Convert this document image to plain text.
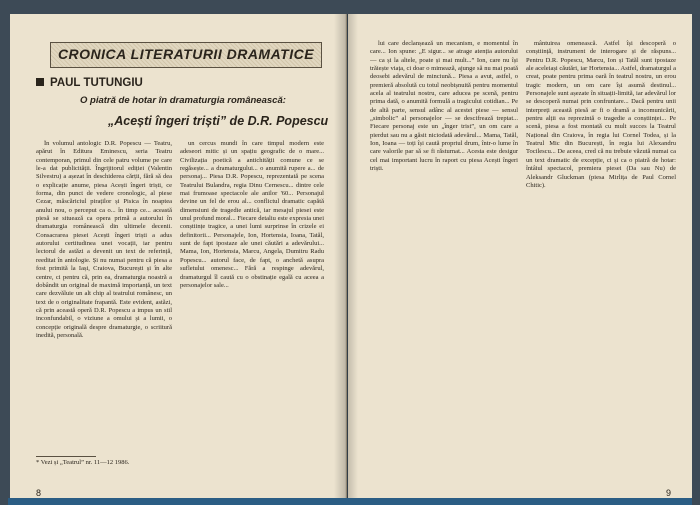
CRONICA LITERATURII DRAMATICE
PAUL TUTUNGIU
O piatră de hotar în dramaturgia românească:
„Acești îngeri triști” de D.R. Popescu

În volumul antologic D.R. Popescu — Teatru, apărut în Editura Eminescu, seria Teatru contemporan, primul din cele patru volume pe care le-a dat publicității. Îngrijitorul ediției (Valentin Silvestru) a așezat în deschiderea cărții, fără să dea o explicație anume, piesa Acești îngeri triști, ce forma, din punct de vedere cronologic, al piese Cezar, măscăriciul piraților și Pisica în noaptea anului nou, o perceput ca o... în timp ce... această piesă se situează ca opera primă a autorului în dramaturgia românească din ultimele decenii. Consacrarea piesei Acești îngeri triști a adus autorului certitudinea unei vocații, iar pentru lectorul de astăzi a devenit un text de referință, reeditat în antologie. Și nu numai pentru că piesa a fost primită la Iași, Craiova, București și în alte centre, ci pentru că, prin ea, dramaturgia noastră a dobândit un original de maximă importanță, un text care dezvăluie un alt chip al teatrului românesc, un text de o originalitate frapantă. Este evident, astăzi, că prin această operă D.R. Popescu a impus un stil inconfundabil, o viziune a omului și a lumii, o concepție originală despre dramaturgie, o scriitură inedită, personală.

un cercus mundi în care timpul modern este adeseori mitic și un spațiu geografic de o mare... Civilizația poetică a antichității comune ce se regăsește... a dramaturgului... o anumită rupere a... de personaj... Piesa D.R. Popescu, reprezentată pe scena Teatrului Bulandra, regia Dinu Cernescu... dintre cele mai frumoase spectacole ale anilor '60... Personajul devine un fel de erou al... conflictul dramatic capătă dimensiuni de tragedie antică, iar mesajul piesei este unul profund moral... Fiecare detaliu este expresia unei conștiințe tragice, a unei lumi surprinse în crizele ei definitorii... Personajele, Ion, Hortensia, Ioana, Tatăl, sunt de fapt ipostaze ale unei căutări a adevărului... Mama, Ion, Hortensia, Marcu, Angela, Dumitru Radu Popescu... autorul face, de fapt, o anchetă asupra sufletului omenesc... Fără a respinge adevărul, dramaturgul îl caută cu o obstinație egală cu aceea a personajelor sale...

* Vezi și „Teatrul” nr. 11—12 1986.
8

lui care declanșează un mecanism, e momentul în care... Ion spune: „E sigur... se atrage atenția autorului — ca și la altele, poate și mai mult...” Ion, care nu își trăiește viața, ci doar o mimează, ajunge să nu mai poată deosebi adevărul de minciună... Piesa a avut, astfel, o premieră absolută cu totul neobișnuită pentru momentul acela al teatrului nostru, care aducea pe scenă, pentru prima dată, o anumită formulă a tragicului cotidian... Pe de altă parte, sensul adânc al acestei piese — sensul „simbolic” al personajelor — se descifrează treptat... Fiecare personaj este un „înger trist”, un om care a pierdut sau nu a găsit niciodată adevărul... Mama, Tatăl, Ion, Ioana — toți își caută propriul drum, într-o lume în care valorile par să se fi răsturnat... Acesta este desigur cel mai important lucru în raport cu piesa Acești îngeri triști.

mântuirea omenească. Astfel își descoperă o conștiință, instrument de interogare și de răspuns... Pentru D.R. Popescu, Marcu, Ion și Tatăl sunt ipostaze ale aceleiași căutări, iar Hortensia... Astfel, dramaturgul a creat, poate pentru prima oară în teatrul nostru, un erou tragic modern, un om care își asumă destinul... Personajele sunt așezate în situații-limită, iar adevărul lor se descoperă numai prin confruntare... Dacă pentru unii interpreți această piesă ar fi o dramă a incomunicării, pentru alții ea reprezintă o tragedie a conștiinței... Pe scenă, piesa a fost montată cu mult succes la Teatrul Național din Craiova, în regia lui Cornel Todea, și la Teatrul Mic din București, în regia lui Alexandru Tocilescu... De aceea, cred că nu trebuie văzută numai ca un text dramatic de excepție, ci și ca o piatră de hotar: întâiul spectacol, premiera piesei (Da sau Nu) de Aleksandr Gluckman (piesa Mirlița de Paul Cornel Chitic).

9
